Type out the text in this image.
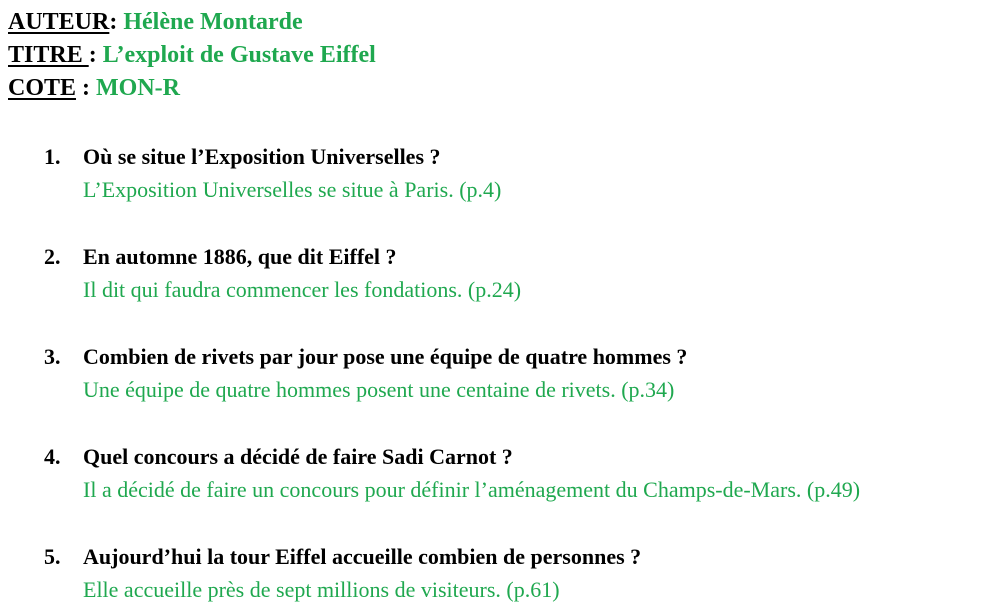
AUTEUR: Hélène Montarde
TITRE : L’exploit de Gustave Eiffel
COTE : MON-R
1. Où se situe l’Exposition Universelles ?
L’Exposition Universelles se situe à Paris. (p.4)
2. En automne 1886, que dit Eiffel ?
Il dit qui faudra commencer les fondations. (p.24)
3. Combien de rivets par jour pose une équipe de quatre hommes ?
Une équipe de quatre hommes posent une centaine de rivets. (p.34)
4. Quel concours a décidé de faire Sadi Carnot ?
Il a décidé de faire un concours pour définir l’aménagement du Champs-de-Mars. (p.49)
5. Aujourd’hui la tour Eiffel accueille combien de personnes ?
Elle accueille près de sept millions de visiteurs. (p.61)
